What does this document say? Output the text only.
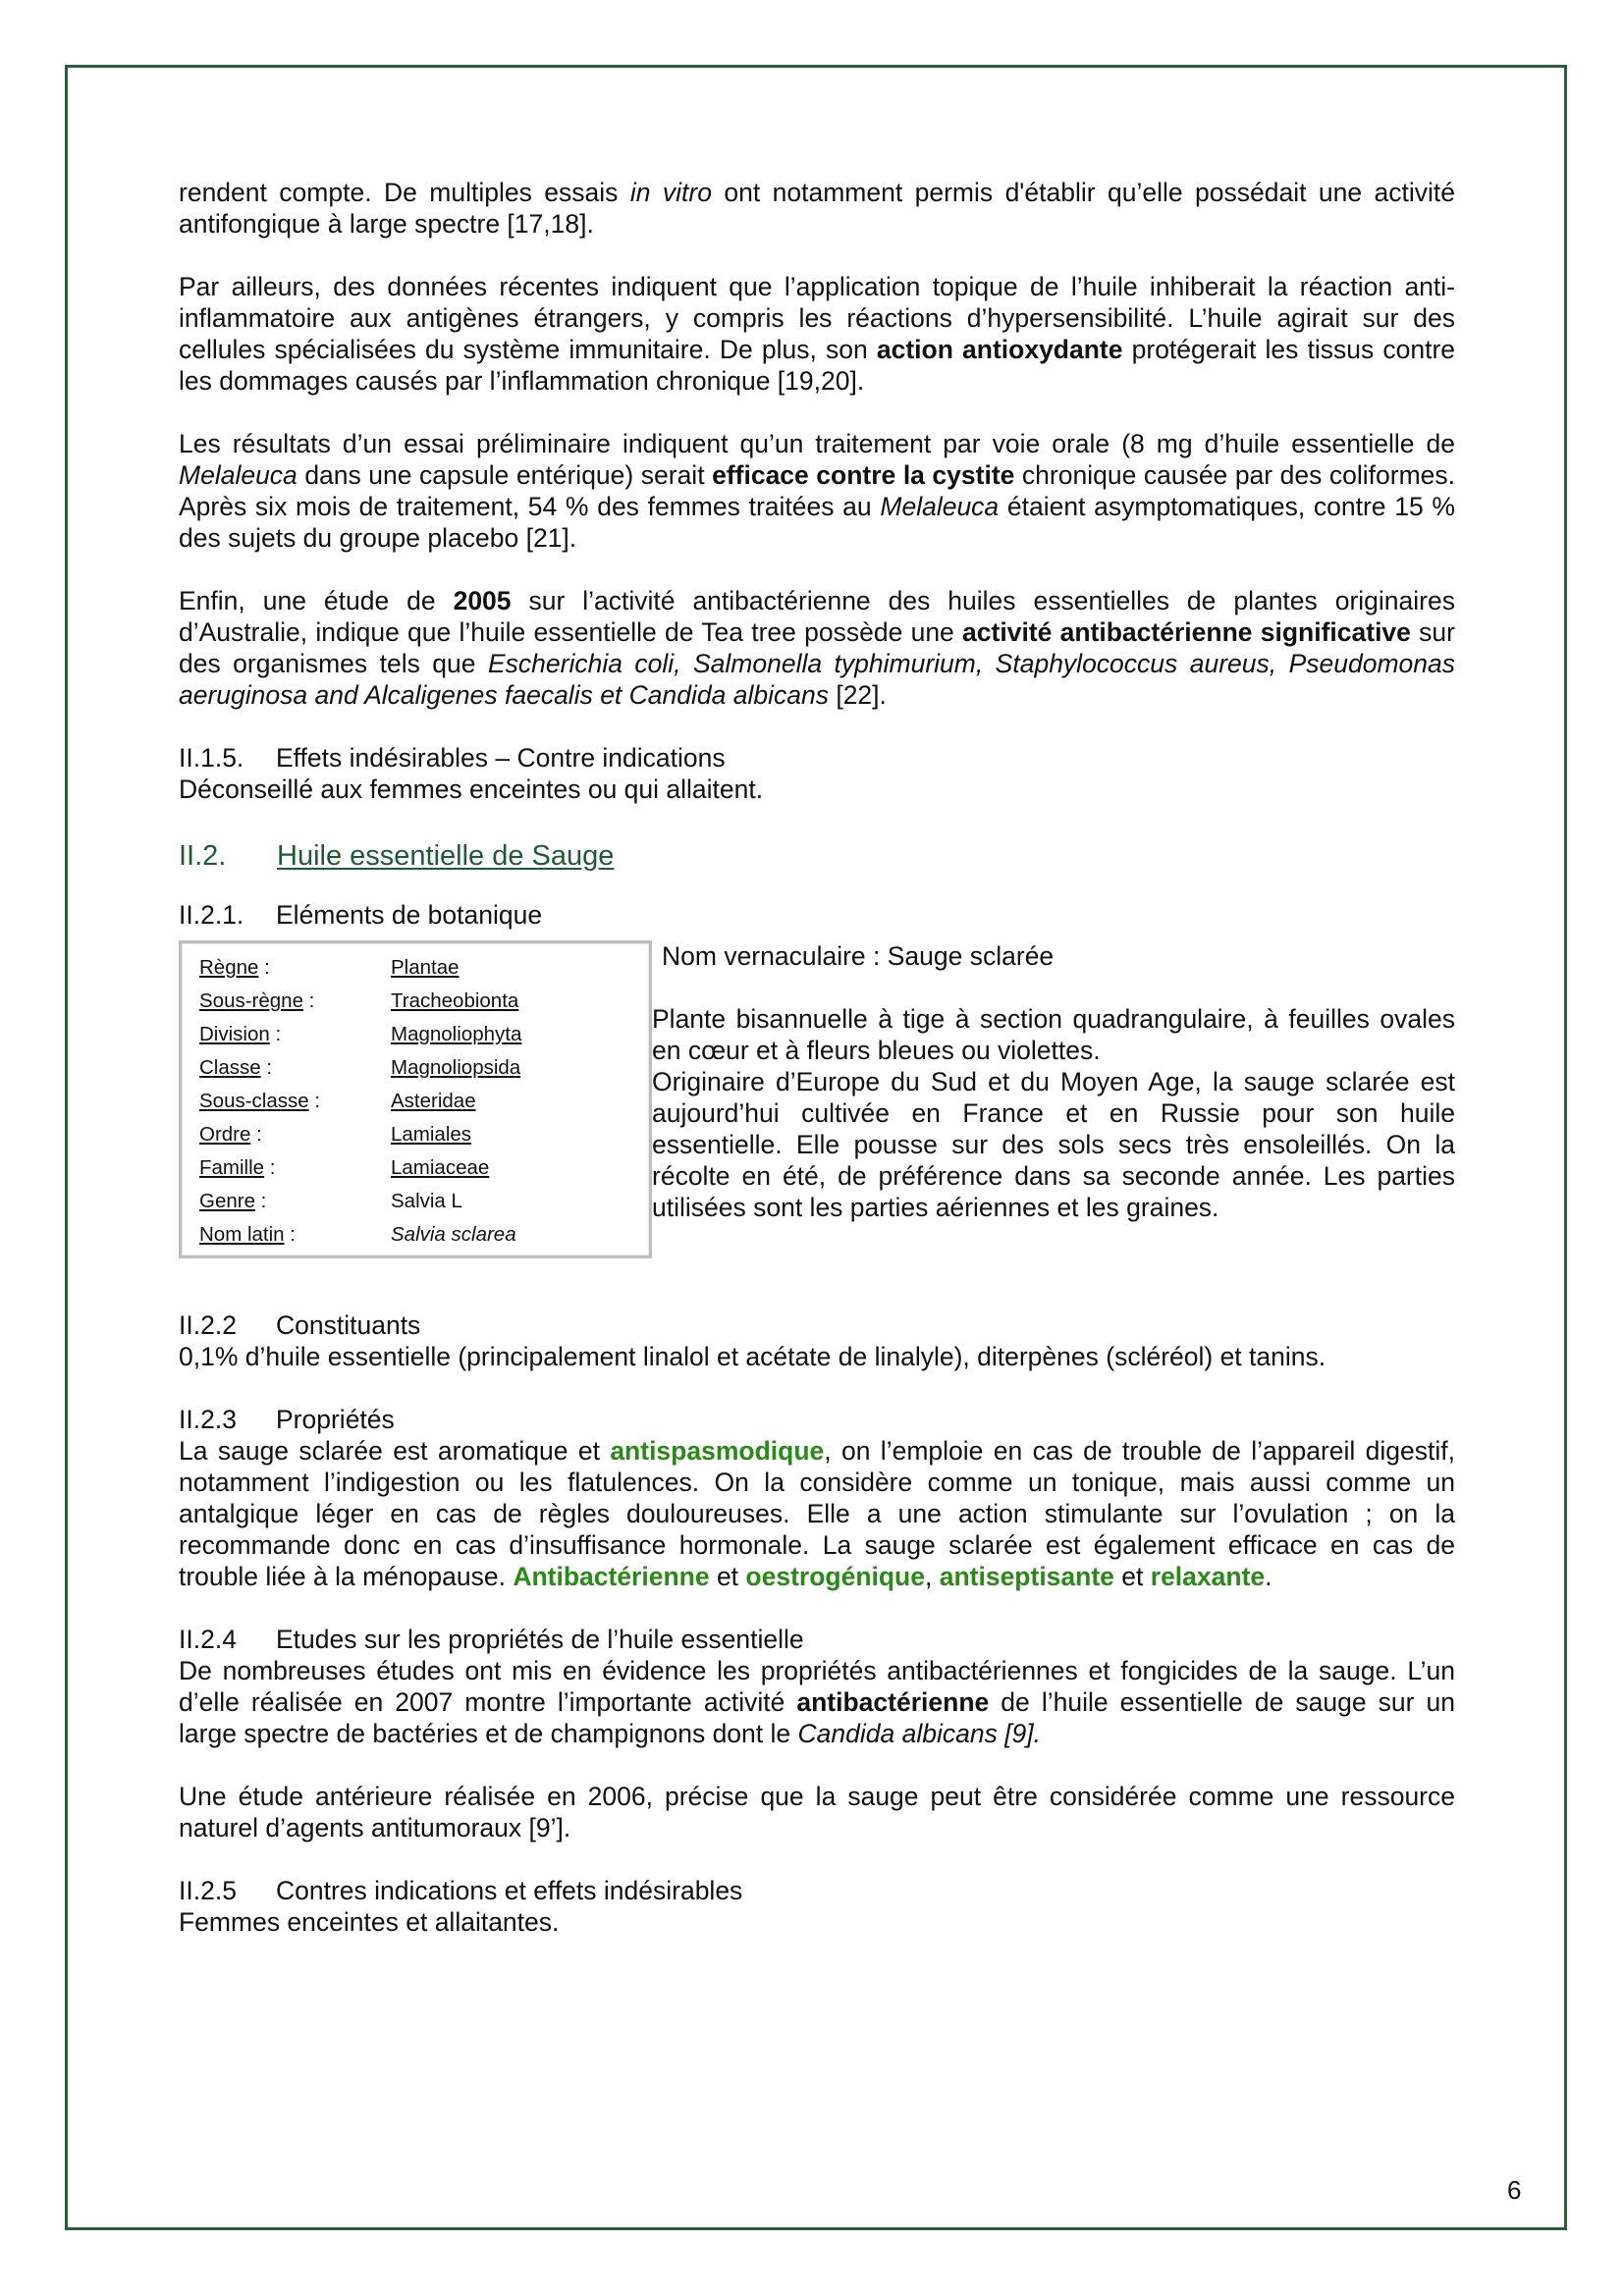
rendent compte. De multiples essais in vitro ont notamment permis d'établir qu’elle possédait une activité antifongique à large spectre [17,18].

Par ailleurs, des données récentes indiquent que l’application topique de l’huile inhiberait la réaction anti-inflammatoire aux antigènes étrangers, y compris les réactions d’hypersensibilité. L’huile agirait sur des cellules spécialisées du système immunitaire. De plus, son action antioxydante protégerait les tissus contre les dommages causés par l’inflammation chronique [19,20].

Les résultats d’un essai préliminaire indiquent qu’un traitement par voie orale (8 mg d’huile essentielle de Melaleuca dans une capsule entérique) serait efficace contre la cystite chronique causée par des coliformes. Après six mois de traitement, 54 % des femmes traitées au Melaleuca étaient asymptomatiques, contre 15 % des sujets du groupe placebo [21].

Enfin, une étude de 2005 sur l’activité antibactérienne des huiles essentielles de plantes originaires d’Australie, indique que l’huile essentielle de Tea tree possède une activité antibactérienne significative sur des organismes tels que Escherichia coli, Salmonella typhimurium, Staphylococcus aureus, Pseudomonas aeruginosa and Alcaligenes faecalis et Candida albicans [22].

II.1.5. Effets indésirables – Contre indications

Déconseillé aux femmes enceintes ou qui allaitent.

II.2. Huile essentielle de Sauge

II.2.1. Eléments de botanique

Règne :	Plantae
Sous-règne :	Tracheobionta
Division :	Magnoliophyta
Classe :	Magnoliopsida
Sous-classe :	Asteridae
Ordre :	Lamiales
Famille :	Lamiaceae
Genre :	Salvia L
Nom latin :	Salvia sclarea

Nom vernaculaire : Sauge sclarée

Plante bisannuelle à tige à section quadrangulaire, à feuilles ovales en cœur et à fleurs bleues ou violettes.

Originaire d’Europe du Sud et du Moyen Age, la sauge sclarée est aujourd’hui cultivée en France et en Russie pour son huile essentielle. Elle pousse sur des sols secs très ensoleillés. On la récolte en été, de préférence dans sa seconde année. Les parties utilisées sont les parties aériennes et les graines.

II.2.2 Constituants

0,1% d’huile essentielle (principalement linalol et acétate de linalyle), diterpènes (scléréol) et tanins.

II.2.3 Propriétés

La sauge sclarée est aromatique et antispasmodique, on l’emploie en cas de trouble de l’appareil digestif, notamment l’indigestion ou les flatulences. On la considère comme un tonique, mais aussi comme un antalgique léger en cas de règles douloureuses. Elle a une action stimulante sur l’ovulation ; on la recommande donc en cas d’insuffisance hormonale. La sauge sclarée est également efficace en cas de trouble liée à la ménopause. Antibactérienne et oestrogénique, antiseptisante et relaxante.

II.2.4 Etudes sur les propriétés de l’huile essentielle

De nombreuses études ont mis en évidence les propriétés antibactériennes et fongicides de la sauge. L’un d’elle réalisée en 2007 montre l’importante activité antibactérienne de l’huile essentielle de sauge sur un large spectre de bactéries et de champignons dont le Candida albicans [9].

Une étude antérieure réalisée en 2006, précise que la sauge peut être considérée comme une ressource naturel d’agents antitumoraux [9’].

II.2.5 Contres indications et effets indésirables

Femmes enceintes et allaitantes.

6
